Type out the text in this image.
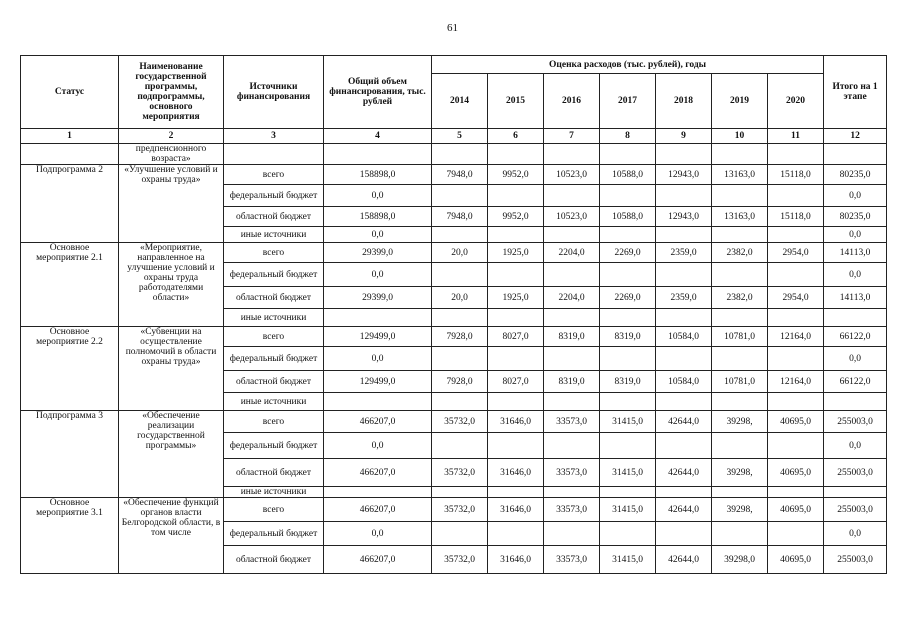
61
Статус	Наименование государственной программы, подпрограммы, основного мероприятия	Источники финансирования	Общий объем финансирования, тыс. рублей	Оценка расходов (тыс. рублей), годы							Итого на 1 этапе
				2014	2015	2016	2017	2018	2019	2020	
1	2	3	4	5	6	7	8	9	10	11	12
	предпенсионного возраста»										
Подпрограмма 2	«Улучшение условий и охраны труда»	всего	158898,0	7948,0	9952,0	10523,0	10588,0	12943,0	13163,0	15118,0	80235,0
		федеральный бюджет	0,0								0,0
		областной бюджет	158898,0	7948,0	9952,0	10523,0	10588,0	12943,0	13163,0	15118,0	80235,0
		иные источники	0,0								0,0
Основное мероприятие 2.1	«Мероприятие, направленное на улучшение условий и охраны труда работодателями области»	всего	29399,0	20,0	1925,0	2204,0	2269,0	2359,0	2382,0	2954,0	14113,0
		федеральный бюджет	0,0								0,0
		областной бюджет	29399,0	20,0	1925,0	2204,0	2269,0	2359,0	2382,0	2954,0	14113,0
		иные источники									
Основное мероприятие 2.2	«Субвенции на осуществление полномочий в области охраны труда»	всего	129499,0	7928,0	8027,0	8319,0	8319,0	10584,0	10781,0	12164,0	66122,0
		федеральный бюджет	0,0								0,0
		областной бюджет	129499,0	7928,0	8027,0	8319,0	8319,0	10584,0	10781,0	12164,0	66122,0
		иные источники									
Подпрограмма 3	«Обеспечение реализации государственной программы»	всего	466207,0	35732,0	31646,0	33573,0	31415,0	42644,0	39298,	40695,0	255003,0
		федеральный бюджет	0,0								0,0
		областной бюджет	466207,0	35732,0	31646,0	33573,0	31415,0	42644,0	39298,	40695,0	255003,0
		иные источники									
Основное мероприятие 3.1	«Обеспечение функций органов власти Белгородской области, в том числе	всего	466207,0	35732,0	31646,0	33573,0	31415,0	42644,0	39298,	40695,0	255003,0
		федеральный бюджет	0,0								0,0
		областной бюджет	466207,0	35732,0	31646,0	33573,0	31415,0	42644,0	39298,0	40695,0	255003,0
